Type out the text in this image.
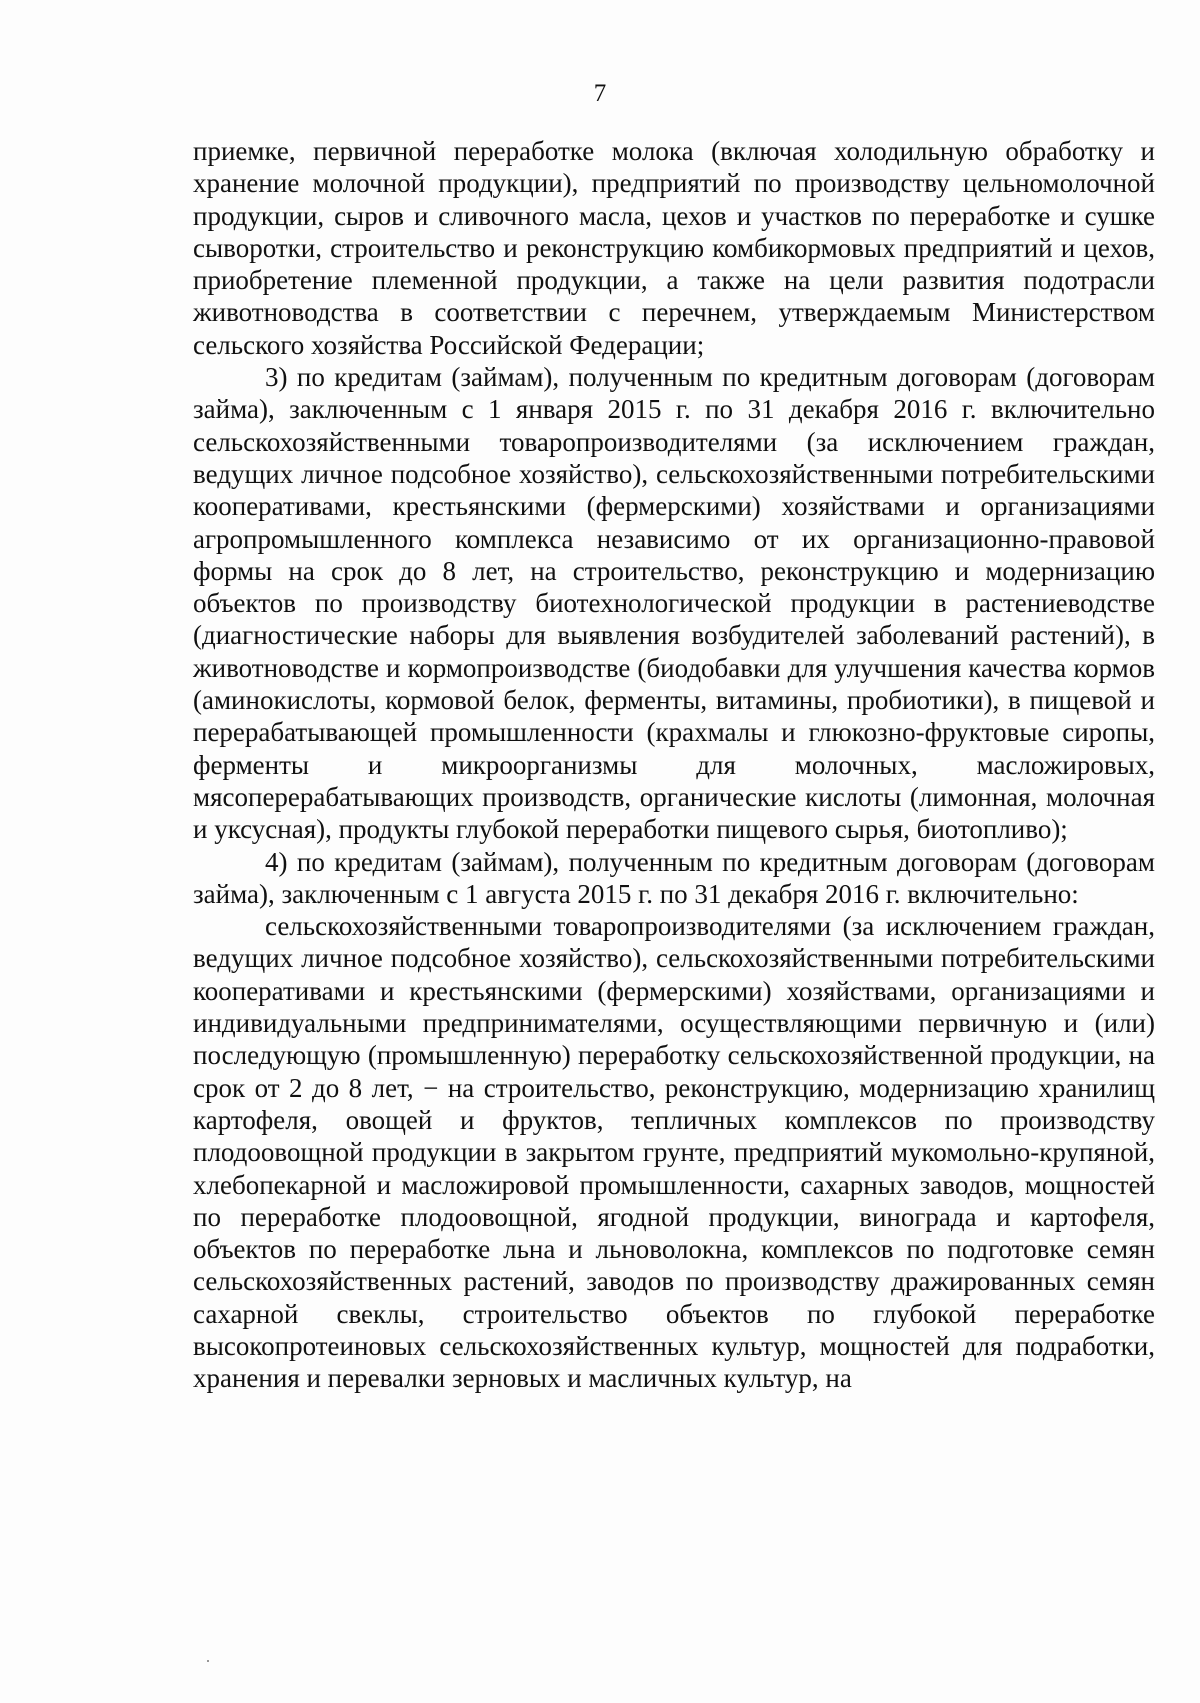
7

приемке, первичной переработке молока (включая холодильную обработку и хранение молочной продукции), предприятий по производству цельномолочной продукции, сыров и сливочного масла, цехов и участков по переработке и сушке сыворотки, строительство и реконструкцию комбикормовых предприятий и цехов, приобретение племенной продукции, а также на цели развития подотрасли животноводства в соответствии с перечнем, утверждаемым Министерством сельского хозяйства Российской Федерации;

3) по кредитам (займам), полученным по кредитным договорам (договорам займа), заключенным с 1 января 2015 г. по 31 декабря 2016 г. включительно сельскохозяйственными товаропроизводителями (за исключением граждан, ведущих личное подсобное хозяйство), сельскохозяйственными потребительскими кооперативами, крестьянскими (фермерскими) хозяйствами и организациями агропромышленного комплекса независимо от их организационно-правовой формы на срок до 8 лет, на строительство, реконструкцию и модернизацию объектов по производству биотехнологической продукции в растениеводстве (диагностические наборы для выявления возбудителей заболеваний растений), в животноводстве и кормопроизводстве (биодобавки для улучшения качества кормов (аминокислоты, кормовой белок, ферменты, витамины, пробиотики), в пищевой и перерабатывающей промышленности (крахмалы и глюкозно-фруктовые сиропы, ферменты и микроорганизмы для молочных, масложировых, мясоперерабатывающих производств, органические кислоты (лимонная, молочная и уксусная), продукты глубокой переработки пищевого сырья, биотопливо);

4) по кредитам (займам), полученным по кредитным договорам (договорам займа), заключенным с 1 августа 2015 г. по 31 декабря 2016 г. включительно:

сельскохозяйственными товаропроизводителями (за исключением граждан, ведущих личное подсобное хозяйство), сельскохозяйственными потребительскими кооперативами и крестьянскими (фермерскими) хозяйствами, организациями и индивидуальными предпринимателями, осуществляющими первичную и (или) последующую (промышленную) переработку сельскохозяйственной продукции, на срок от 2 до 8 лет, − на строительство, реконструкцию, модернизацию хранилищ картофеля, овощей и фруктов, тепличных комплексов по производству плодоовощной продукции в закрытом грунте, предприятий мукомольно-крупяной, хлебопекарной и масложировой промышленности, сахарных заводов, мощностей по переработке плодоовощной, ягодной продукции, винограда и картофеля, объектов по переработке льна и льноволокна, комплексов по подготовке семян сельскохозяйственных растений, заводов по производству дражированных семян сахарной свеклы, строительство объектов по глубокой переработке высокопротеиновых сельскохозяйственных культур, мощностей для подработки, хранения и перевалки зерновых и масличных культур, на
